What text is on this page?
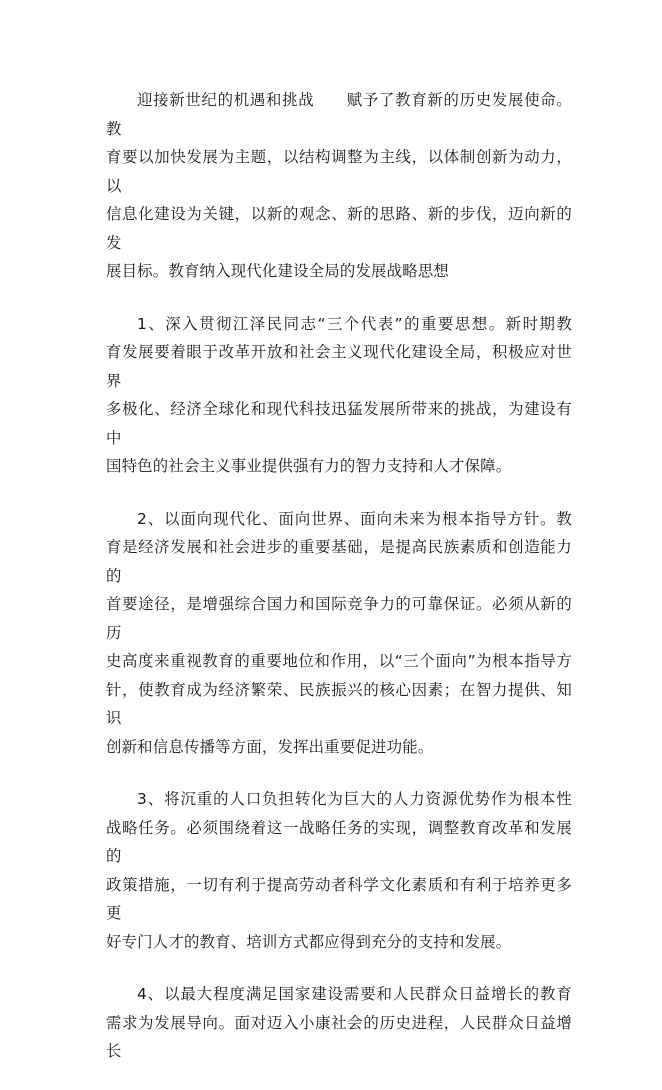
迎接新世纪的机遇和挑战　　赋予了教育新的历史发展使命。教
育要以加快发展为主题，以结构调整为主线，以体制创新为动力，以
信息化建设为关键，以新的观念、新的思路、新的步伐，迈向新的发
展目标。教育纳入现代化建设全局的发展战略思想

1、深入贯彻江泽民同志“三个代表”的重要思想。新时期教
育发展要着眼于改革开放和社会主义现代化建设全局，积极应对世界
多极化、经济全球化和现代科技迅猛发展所带来的挑战，为建设有中
国特色的社会主义事业提供强有力的智力支持和人才保障。

2、以面向现代化、面向世界、面向未来为根本指导方针。教
育是经济发展和社会进步的重要基础，是提高民族素质和创造能力的
首要途径，是增强综合国力和国际竞争力的可靠保证。必须从新的历
史高度来重视教育的重要地位和作用，以“三个面向”为根本指导方
针，使教育成为经济繁荣、民族振兴的核心因素；在智力提供、知识
创新和信息传播等方面，发挥出重要促进功能。

3、将沉重的人口负担转化为巨大的人力资源优势作为根本性
战略任务。必须围绕着这一战略任务的实现，调整教育改革和发展的
政策措施，一切有利于提高劳动者科学文化素质和有利于培养更多更
好专门人才的教育、培训方式都应得到充分的支持和发展。

4、以最大程度满足国家建设需要和人民群众日益增长的教育
需求为发展导向。面对迈入小康社会的历史进程，人民群众日益增长
